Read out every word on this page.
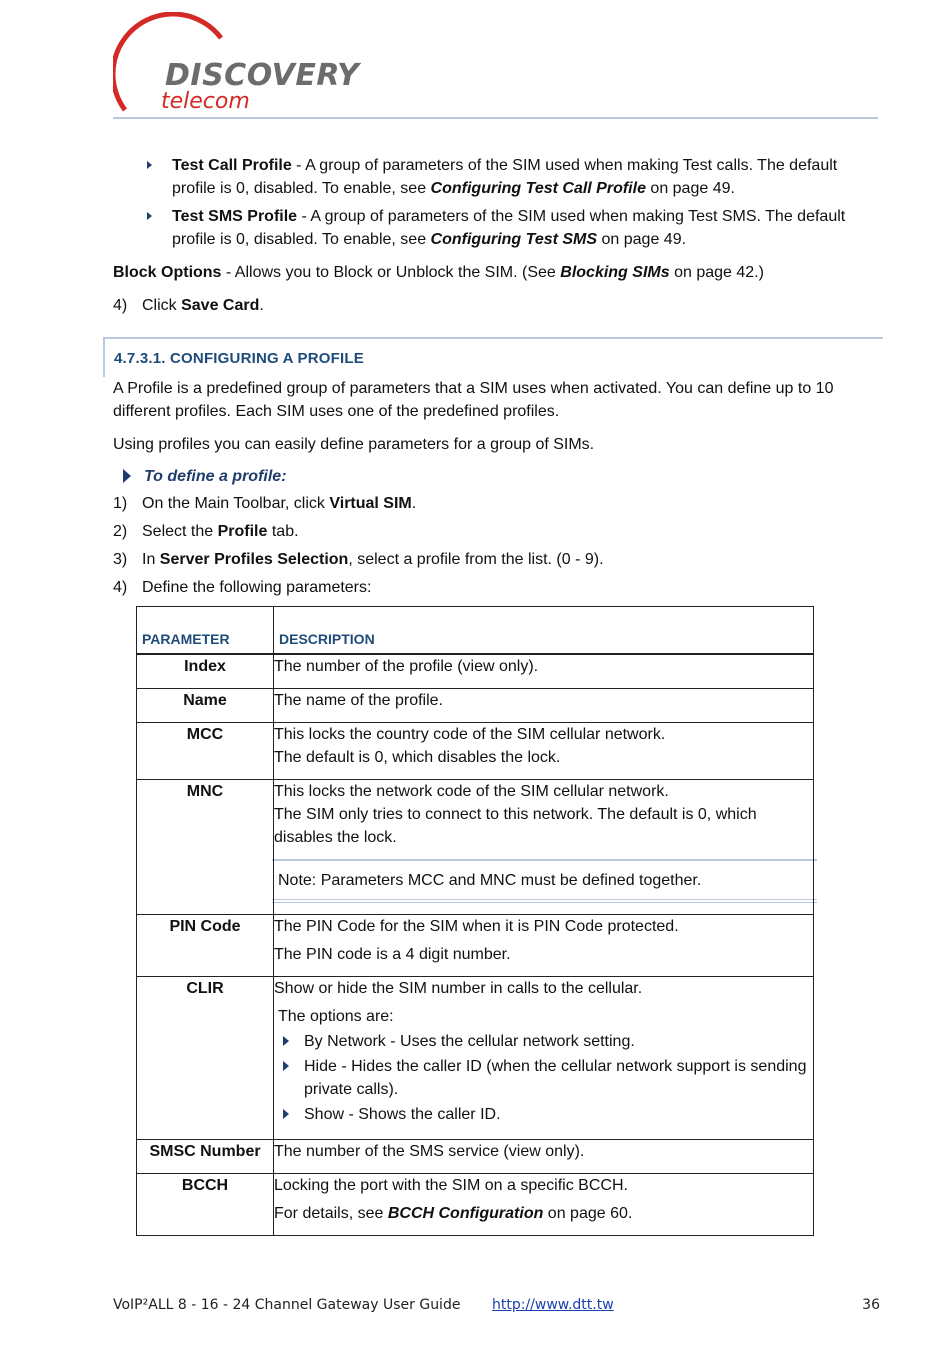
DISCOVERY
telecom
Test Call Profile - A group of parameters of the SIM used when making Test calls. The default profile is 0, disabled. To enable, see Configuring Test Call Profile on page 49.
Test SMS Profile - A group of parameters of the SIM used when making Test SMS. The default profile is 0, disabled. To enable, see Configuring Test SMS on page 49.
Block Options - Allows you to Block or Unblock the SIM. (See Blocking SIMs on page 42.)
4) Click Save Card.
4.7.3.1. CONFIGURING A PROFILE
A Profile is a predefined group of parameters that a SIM uses when activated. You can define up to 10 different profiles. Each SIM uses one of the predefined profiles.
Using profiles you can easily define parameters for a group of SIMs.
To define a profile:
1) On the Main Toolbar, click Virtual SIM.
2) Select the Profile tab.
3) In Server Profiles Selection, select a profile from the list. (0 - 9).
4) Define the following parameters:
PARAMETER	DESCRIPTION
Index	The number of the profile (view only).
Name	The name of the profile.
MCC	This locks the country code of the SIM cellular network.
The default is 0, which disables the lock.

MNC	This locks the network code of the SIM cellular network.
The SIM only tries to connect to this network. The default is 0, which disables the lock.
Note: Parameters MCC and MNC must be defined together.

PIN Code	The PIN Code for the SIM when it is PIN Code protected.
The PIN code is a 4 digit number.

CLIR	Show or hide the SIM number in calls to the cellular.
The options are:
By Network - Uses the cellular network setting.
Hide - Hides the caller ID (when the cellular network support is sending private calls).
Show - Shows the caller ID.

SMSC Number	The number of the SMS service (view only).
BCCH	Locking the port with the SIM on a specific BCCH.
For details, see BCCH Configuration on page 60.
VoIP²ALL 8 - 16 - 24 Channel Gateway User Guide http://www.dtt.tw	36
